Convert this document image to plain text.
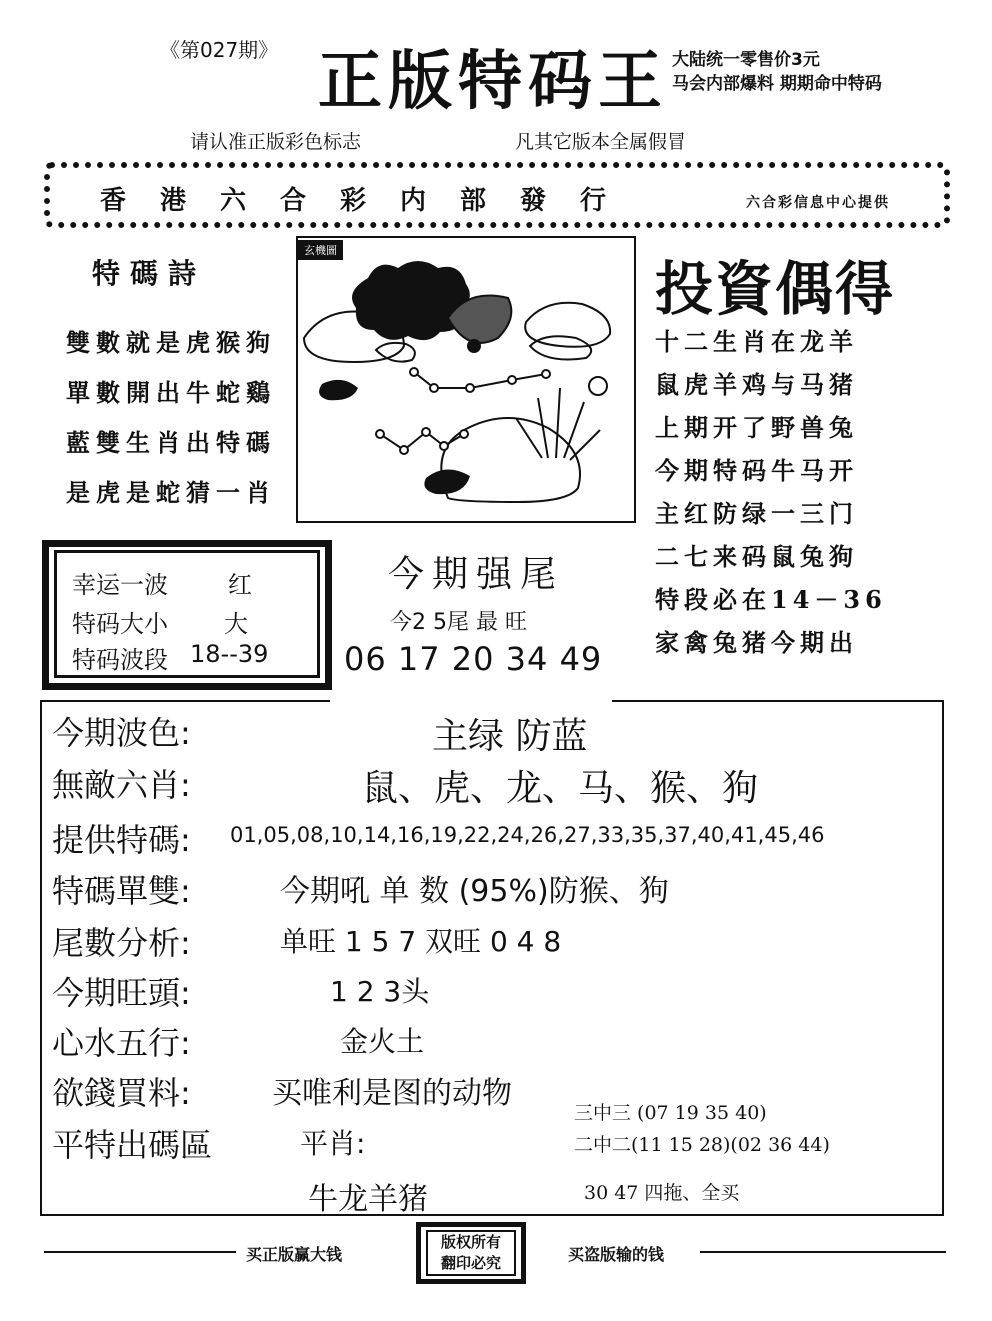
《第027期》 正版特码王 大陆统一零售价3元
马会内部爆料 期期命中特码
请认准正版彩色标志	凡其它版本全属假冒
香港六合彩内部發行	六合彩信息中心提供
特碼詩
雙數就是虎猴狗
單數開出牛蛇鷄
藍雙生肖出特碼
是虎是蛇猜一肖
玄機圖
投資偶得
十二生肖在龙羊
鼠虎羊鸡与马猪
上期开了野兽兔
今期特码牛马开
主红防绿一三门
二七来码鼠兔狗
特段必在14－36
家禽兔猪今期出
幸运一波	红
特码大小 大
特码波段 18--39
今期强尾
今2 5尾 最 旺
06 17 20 34 49
今期波色:	主绿 防蓝
無敵六肖:	鼠、虎、龙、马、猴、狗
提供特碼: 01,05,08,10,14,16,19,22,24,26,27,33,35,37,40,41,45,46
特碼單雙:	今期吼 单 数 (95%)防猴、狗
尾數分析:	单旺 1 5 7 双旺 0 4 8
今期旺頭:	1 2 3头
心水五行:	金火土
欲錢買料:	买唯利是图的动物
平特出碼區	平肖:
牛龙羊猪
三中三 (07 19 35 40)
二中二(11 15 28)(02 36 44)
30 47 四拖、全买
买正版赢大钱
版权所有
翻印必究	买盗版输的钱
